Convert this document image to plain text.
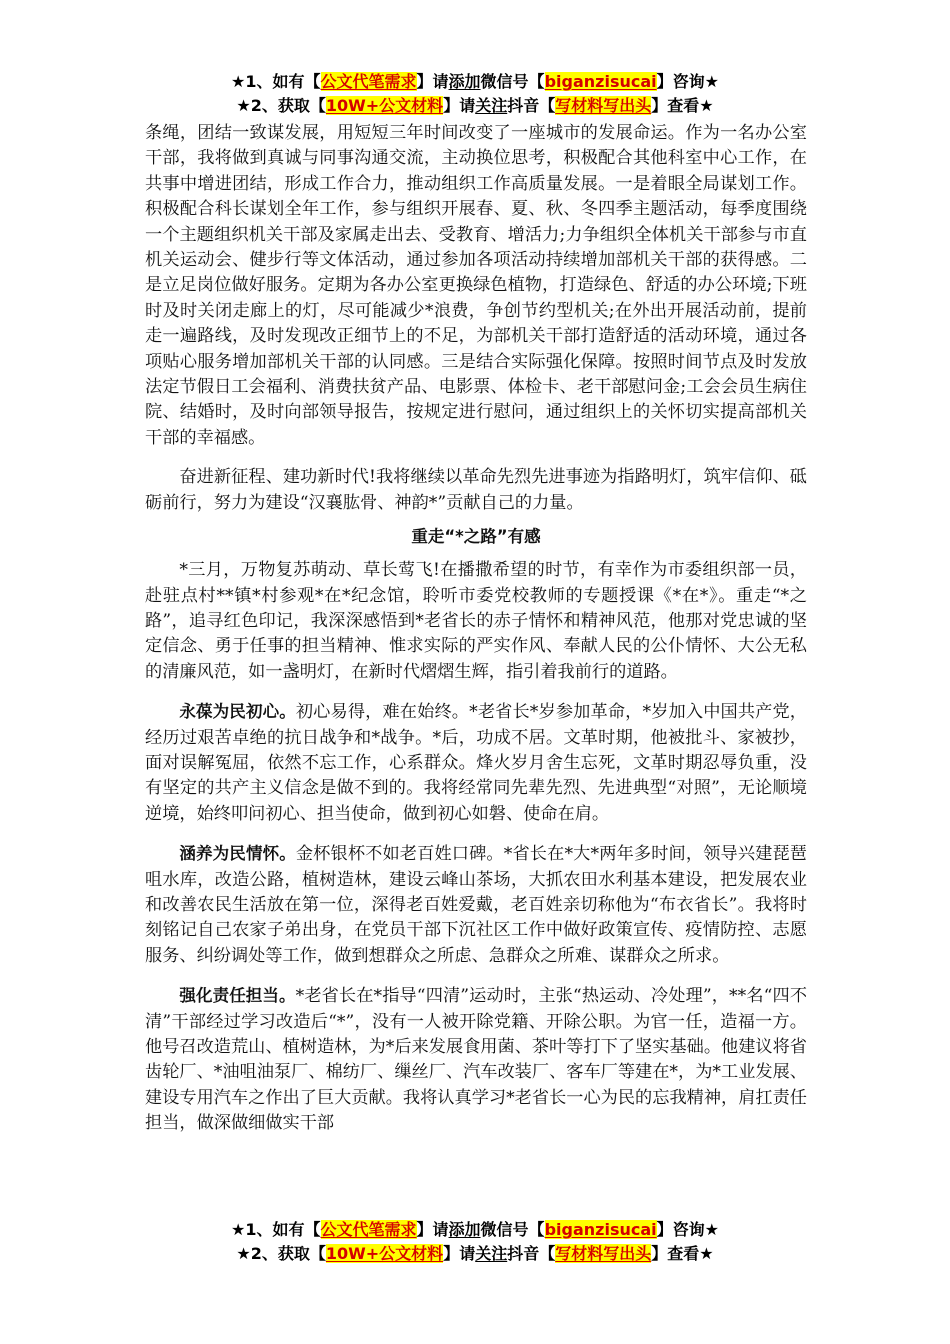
★1、如有【公文代笔需求】请添加微信号【biganzisucai】咨询★
★2、获取【10W+公文材料】请关注抖音【写材料写出头】查看★

条绳，团结一致谋发展，用短短三年时间改变了一座城市的发展命运。作为一名办公室干部，我将做到真诚与同事沟通交流，主动换位思考，积极配合其他科室中心工作，在共事中增进团结，形成工作合力，推动组织工作高质量发展。一是着眼全局谋划工作。积极配合科长谋划全年工作，参与组织开展春、夏、秋、冬四季主题活动，每季度围绕一个主题组织机关干部及家属走出去、受教育、增活力;力争组织全体机关干部参与市直机关运动会、健步行等文体活动，通过参加各项活动持续增加部机关干部的获得感。二是立足岗位做好服务。定期为各办公室更换绿色植物，打造绿色、舒适的办公环境;下班时及时关闭走廊上的灯，尽可能减少*浪费，争创节约型机关;在外出开展活动前，提前走一遍路线，及时发现改正细节上的不足，为部机关干部打造舒适的活动环境，通过各项贴心服务增加部机关干部的认同感。三是结合实际强化保障。按照时间节点及时发放法定节假日工会福利、消费扶贫产品、电影票、体检卡、老干部慰问金;工会会员生病住院、结婚时，及时向部领导报告，按规定进行慰问，通过组织上的关怀切实提高部机关干部的幸福感。

奋进新征程、建功新时代!我将继续以革命先烈先进事迹为指路明灯，筑牢信仰、砥砺前行，努力为建设“汉襄肱骨、神韵*”贡献自己的力量。

重走“*之路”有感

*三月，万物复苏萌动、草长莺飞!在播撒希望的时节，有幸作为市委组织部一员，赴驻点村**镇*村参观*在*纪念馆，聆听市委党校教师的专题授课《*在*》。重走“*之路”，追寻红色印记，我深深感悟到*老省长的赤子情怀和精神风范，他那对党忠诚的坚定信念、勇于任事的担当精神、惟求实际的严实作风、奉献人民的公仆情怀、大公无私的清廉风范，如一盏明灯，在新时代熠熠生辉，指引着我前行的道路。

永葆为民初心。初心易得，难在始终。*老省长*岁参加革命，*岁加入中国共产党，经历过艰苦卓绝的抗日战争和*战争。*后，功成不居。文革时期，他被批斗、家被抄，面对误解冤屈，依然不忘工作，心系群众。烽火岁月舍生忘死，文革时期忍辱负重，没有坚定的共产主义信念是做不到的。我将经常同先辈先烈、先进典型“对照”，无论顺境逆境，始终叩问初心、担当使命，做到初心如磐、使命在肩。

涵养为民情怀。金杯银杯不如老百姓口碑。*省长在*大*两年多时间，领导兴建琵琶咀水库，改造公路，植树造林，建设云峰山茶场，大抓农田水利基本建设，把发展农业和改善农民生活放在第一位，深得老百姓爱戴，老百姓亲切称他为“布衣省长”。我将时刻铭记自己农家子弟出身，在党员干部下沉社区工作中做好政策宣传、疫情防控、志愿服务、纠纷调处等工作，做到想群众之所虑、急群众之所难、谋群众之所求。

强化责任担当。*老省长在*指导“四清”运动时，主张“热运动、冷处理”，**名“四不清”干部经过学习改造后“*”，没有一人被开除党籍、开除公职。为官一任，造福一方。他号召改造荒山、植树造林，为*后来发展食用菌、茶叶等打下了坚实基础。他建议将省齿轮厂、*油咀油泵厂、棉纺厂、缫丝厂、汽车改装厂、客车厂等建在*，为*工业发展、建设专用汽车之作出了巨大贡献。我将认真学习*老省长一心为民的忘我精神，肩扛责任担当，做深做细做实干部

★1、如有【公文代笔需求】请添加微信号【biganzisucai】咨询★
★2、获取【10W+公文材料】请关注抖音【写材料写出头】查看★
